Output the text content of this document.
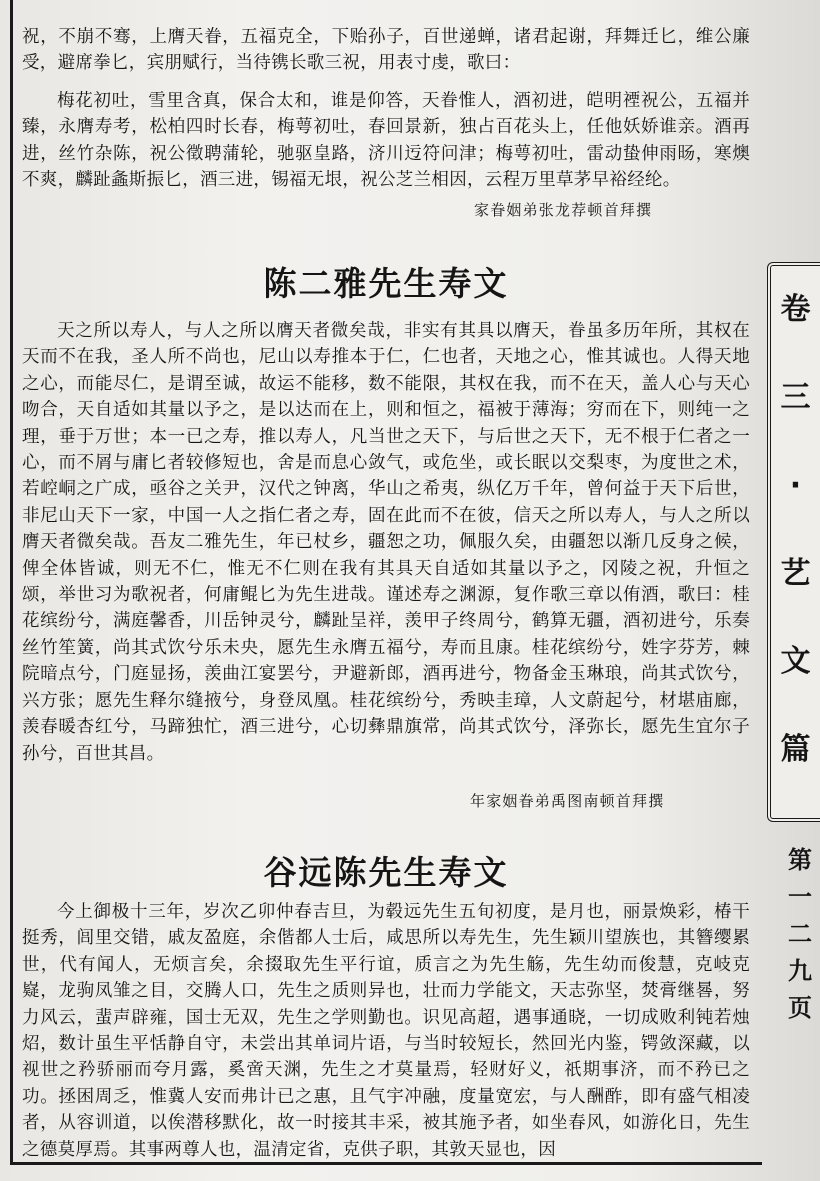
祝，不崩不骞，上膺天眷，五福克全，下贻孙子，百世递蝉，诸君起谢，拜舞迁匕，维公廉受，避席拳匕，宾朋赋行，当待镌长歌三祝，用表寸虔，歌曰：

梅花初吐，雪里含真，保合太和，谁是仰答，天眷惟人，酒初进，皑明禋祝公，五福并臻，永膺寿考，松柏四时长春，梅萼初吐，春回景新，独占百花头上，任他妖娇谁亲。酒再进，丝竹杂陈，祝公徵聘蒲轮，驰驱皇路，济川迃符问津；梅萼初吐，雷动蛰伸雨旸，寒燠不爽，麟趾螽斯振匕，酒三进，锡福无垠，祝公芝兰相因，云程万里草茅早裕经纶。

家眷姻弟张龙荐顿首拜撰
陈二雅先生寿文

天之所以寿人，与人之所以膺天者微矣哉，非实有其具以膺天，眷虽多历年所，其权在天而不在我，圣人所不尚也，尼山以寿推本于仁，仁也者，天地之心，惟其诚也。人得天地之心，而能尽仁，是谓至诚，故运不能移，数不能限，其权在我，而不在天，盖人心与天心吻合，天自适如其量以予之，是以达而在上，则和恒之，福被于薄海；穷而在下，则纯一之理，垂于万世；本一已之寿，推以寿人，凡当世之天下，与后世之天下，无不根于仁者之一心，而不屑与庸匕者较修短也，舍是而息心敛气，或危坐，或长眠以交梨枣，为度世之术，若崆峒之广成，亟谷之关尹，汉代之钟离，华山之希夷，纵亿万千年，曾何益于天下后世，非尼山天下一家，中国一人之指仁者之寿，固在此而不在彼，信天之所以寿人，与人之所以膺天者微矣哉。吾友二雅先生，年已杖乡，疆恕之功，佩服久矣，由疆恕以渐几反身之候，俾全体皆诚，则无不仁，惟无不仁则在我有其具天自适如其量以予之，冈陵之祝，升恒之颂，举世习为歌祝者，何庸鲲匕为先生进哉。谨述寿之渊源，复作歌三章以侑酒，歌曰：桂花缤纷兮，满庭馨香，川岳钟灵兮，麟趾呈祥，羡甲子终周兮，鹤算无疆，酒初进兮，乐奏丝竹笙簧，尚其式饮兮乐未央，愿先生永膺五福兮，寿而且康。桂花缤纷兮，姓字芬芳，棘院暗点兮，门庭显扬，羡曲江宴罢兮，尹避新郎，酒再进兮，物备金玉琳琅，尚其式饮兮，兴方张；愿先生释尔缝掖兮，身登凤凰。桂花缤纷兮，秀映圭璋，人文蔚起兮，材堪庙廊，羡春暖杏红兮，马蹄独忙，酒三进兮，心切彝鼎旗常，尚其式饮兮，泽弥长，愿先生宜尔子孙兮，百世其昌。

年家姻眷弟禹图南顿首拜撰
谷远陈先生寿文

今上御极十三年，岁次乙卯仲春吉旦，为毂远先生五旬初度，是月也，丽景焕彩，椿干挺秀，闾里交错，戚友盈庭，余偕都人士后，咸思所以寿先生，先生颖川望族也，其簪缨累世，代有闻人，无烦言矣，余掇取先生平行谊，质言之为先生觞，先生幼而俊慧，克岐克嶷，龙驹凤雏之目，交腾人口，先生之质则异也，壮而力学能文，天志弥坚，焚膏继晷，努力风云，蜚声辟雍，国士无双，先生之学则勤也。识见高超，遇事通晓，一切成败利钝若烛炤，数计虽生平恬静自守，未尝出其单词片语，与当时较短长，然回光内鉴，锷敛深藏，以视世之矜骄丽而夸月露，奚啻天渊，先生之才莫量焉，轻财好义，祇期事济，而不矜已之功。拯困周乏，惟冀人安而弗计已之惠，且气宇冲融，度量宽宏，与人酬酢，即有盛气相凌者，从容训道，以俟潜移默化，故一时接其丰采，被其施予者，如坐春风，如游化日，先生之德莫厚焉。其事两尊人也，温清定省，克供子职，其敦天显也，因

卷
三
·
艺
文
篇
第
一
二
九
页
